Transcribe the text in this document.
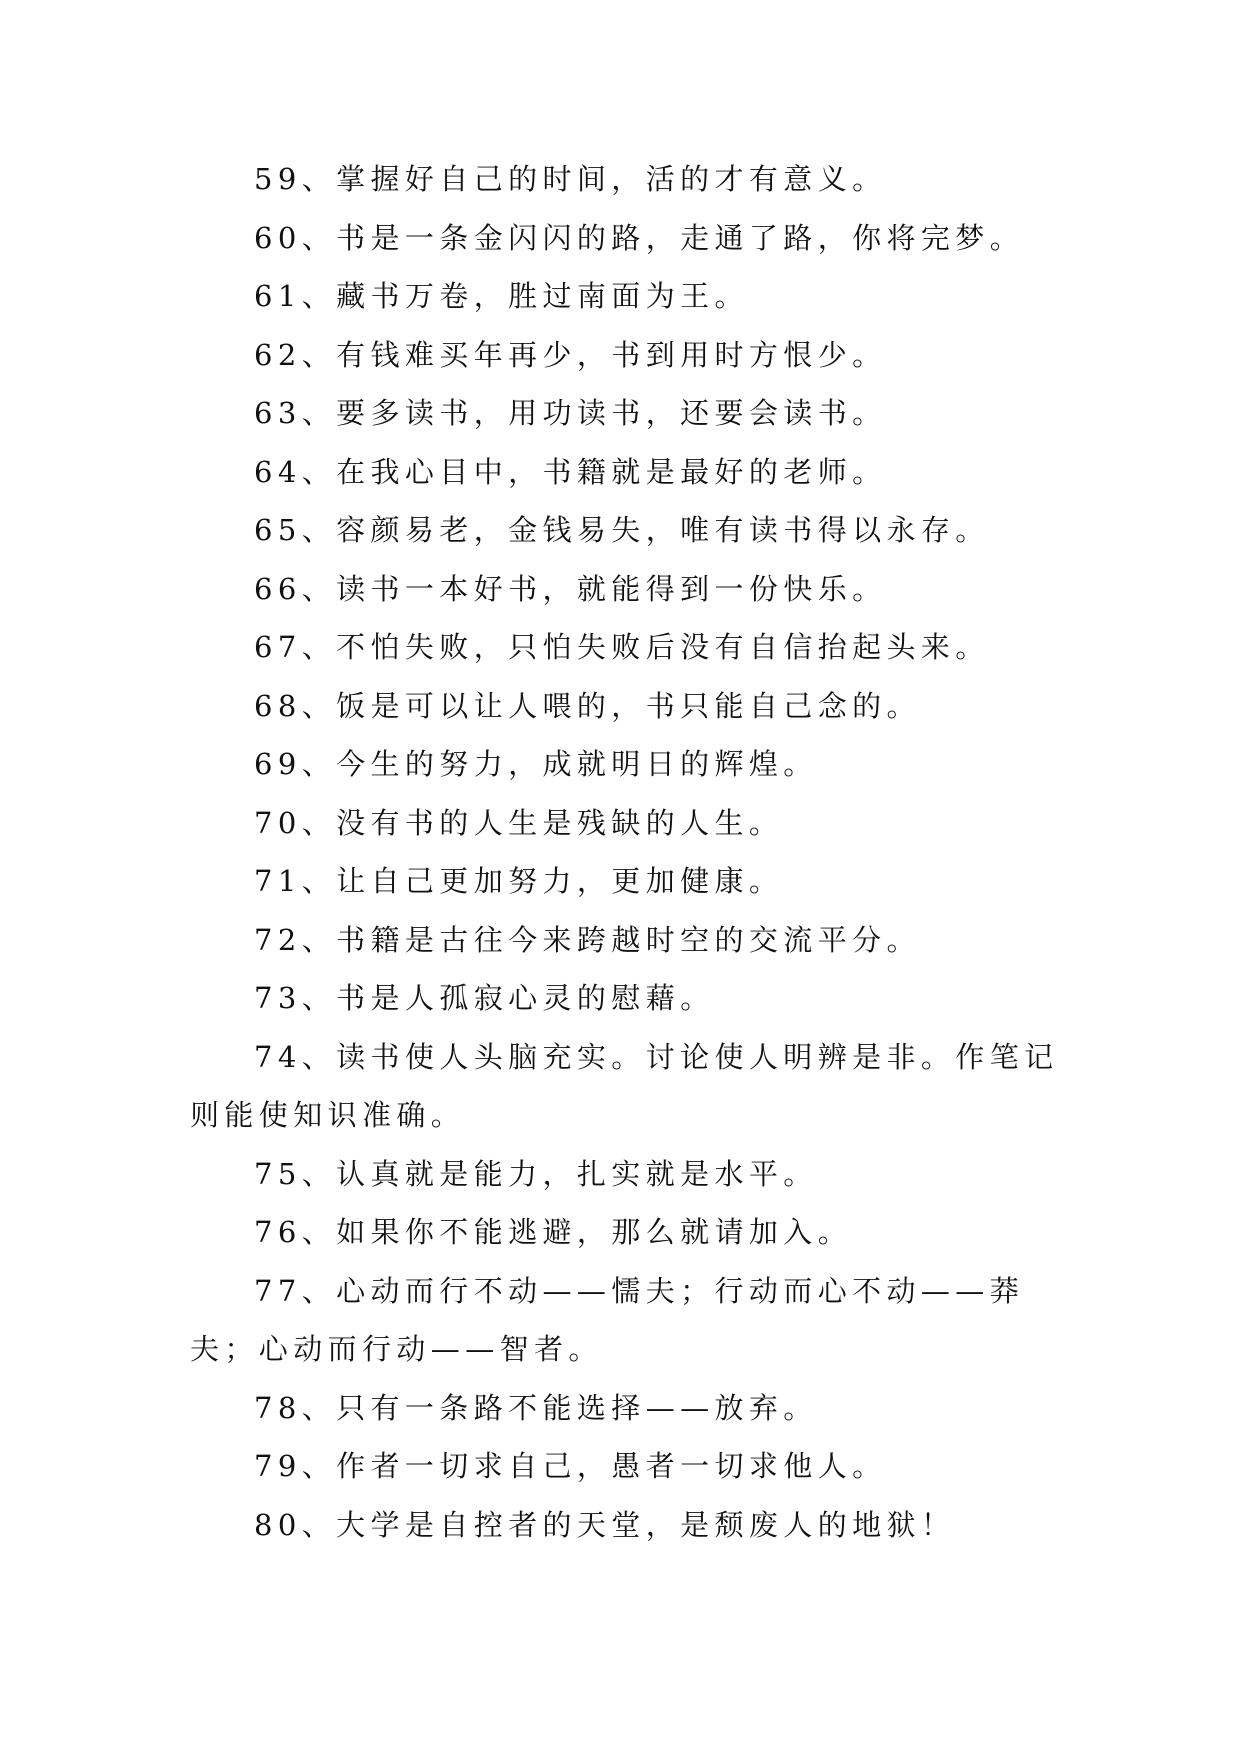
59、掌握好自己的时间，活的才有意义。

60、书是一条金闪闪的路，走通了路，你将完梦。

61、藏书万卷，胜过南面为王。

62、有钱难买年再少，书到用时方恨少。

63、要多读书，用功读书，还要会读书。

64、在我心目中，书籍就是最好的老师。

65、容颜易老，金钱易失，唯有读书得以永存。

66、读书一本好书，就能得到一份快乐。

67、不怕失败，只怕失败后没有自信抬起头来。

68、饭是可以让人喂的，书只能自己念的。

69、今生的努力，成就明日的辉煌。

70、没有书的人生是残缺的人生。

71、让自己更加努力，更加健康。

72、书籍是古往今来跨越时空的交流平分。

73、书是人孤寂心灵的慰藉。

74、读书使人头脑充实。讨论使人明辨是非。作笔记则能使知识准确。

75、认真就是能力，扎实就是水平。

76、如果你不能逃避，那么就请加入。

77、心动而行不动——懦夫；行动而心不动——莽夫；心动而行动——智者。

78、只有一条路不能选择——放弃。

79、作者一切求自己，愚者一切求他人。

80、大学是自控者的天堂，是颓废人的地狱！
